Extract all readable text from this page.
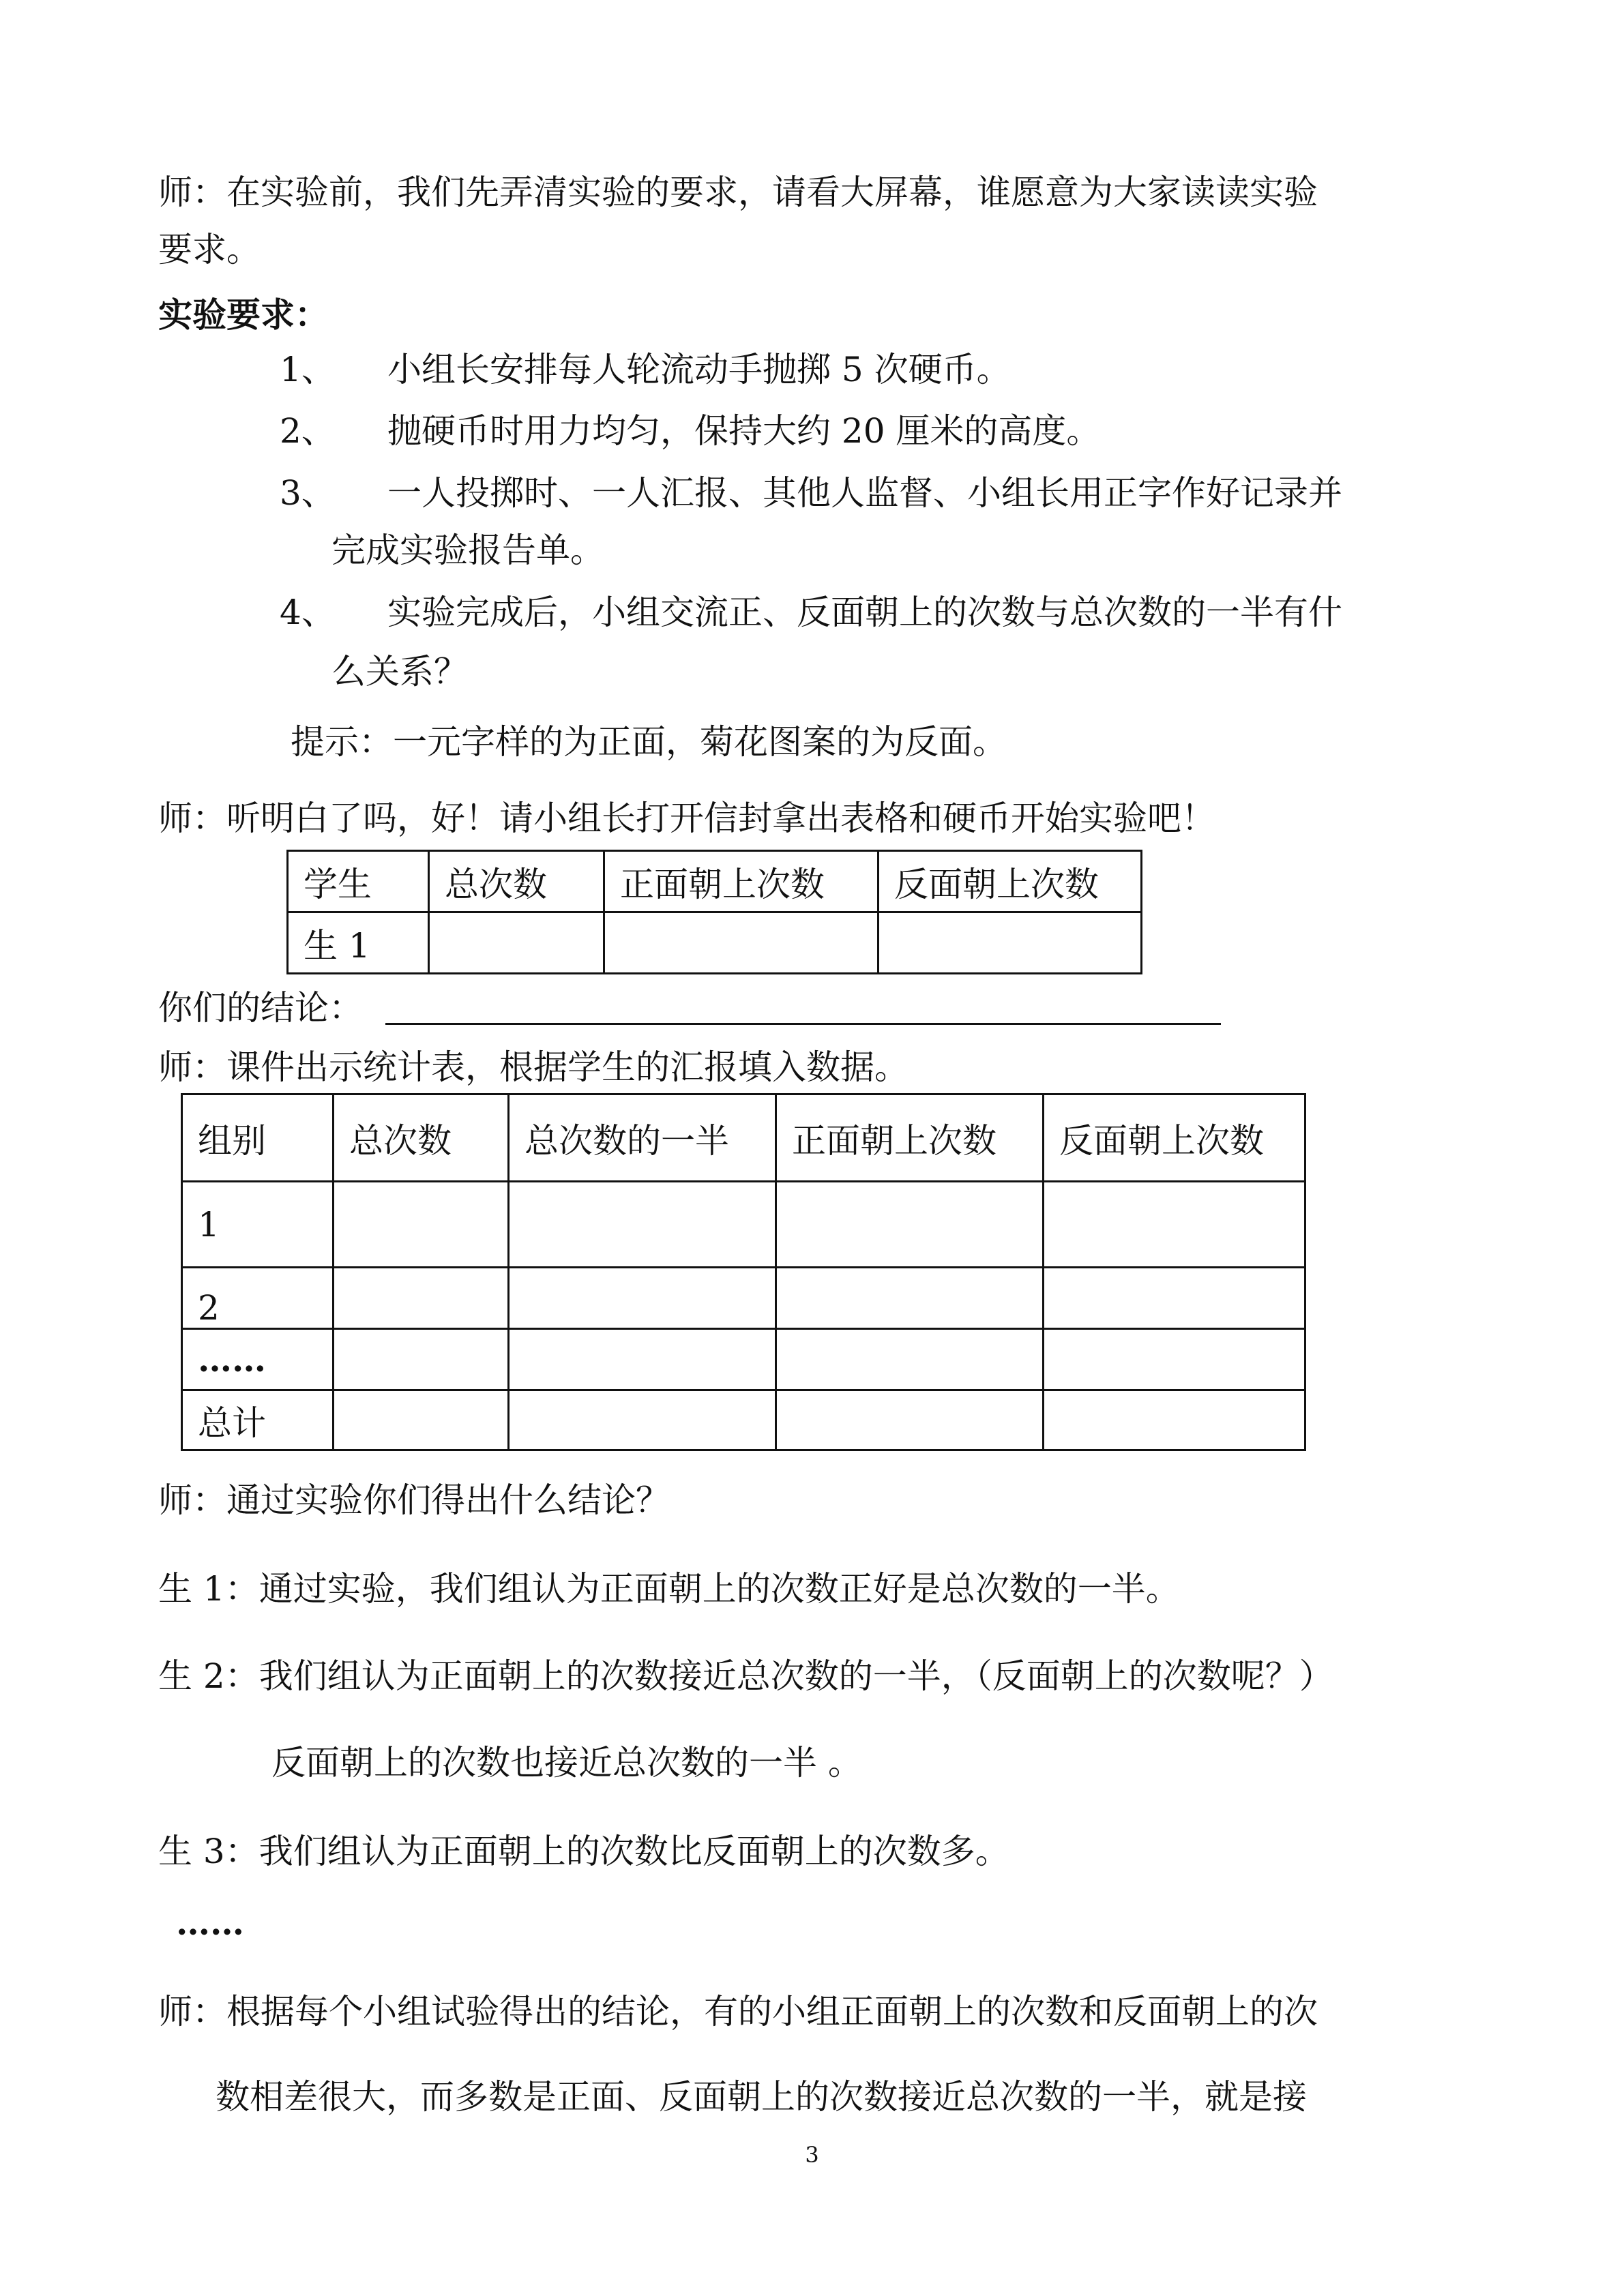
师：在实验前，我们先弄清实验的要求，请看大屏幕，谁愿意为大家读读实验
要求。
实验要求：
1、 小组长安排每人轮流动手抛掷 5 次硬币。
2、 抛硬币时用力均匀，保持大约 20 厘米的高度。
3、 一人投掷时、一人汇报、其他人监督、小组长用正字作好记录并
完成实验报告单。
4、 实验完成后，小组交流正、反面朝上的次数与总次数的一半有什
么关系？
提示：一元字样的为正面，菊花图案的为反面。
师：听明白了吗，好！请小组长打开信封拿出表格和硬币开始实验吧！
学生	总次数	正面朝上次数	反面朝上次数
生 1			
你们的结论：
师：课件出示统计表，根据学生的汇报填入数据。
组别	总次数	总次数的一半	正面朝上次数	反面朝上次数
1				
2				
……				
总计				
师：通过实验你们得出什么结论？
生 1：通过实验，我们组认为正面朝上的次数正好是总次数的一半。
生 2：我们组认为正面朝上的次数接近总次数的一半，（反面朝上的次数呢？）
反面朝上的次数也接近总次数的一半 。
生 3：我们组认为正面朝上的次数比反面朝上的次数多。
……
师：根据每个小组试验得出的结论，有的小组正面朝上的次数和反面朝上的次
数相差很大，而多数是正面、反面朝上的次数接近总次数的一半，就是接
3
